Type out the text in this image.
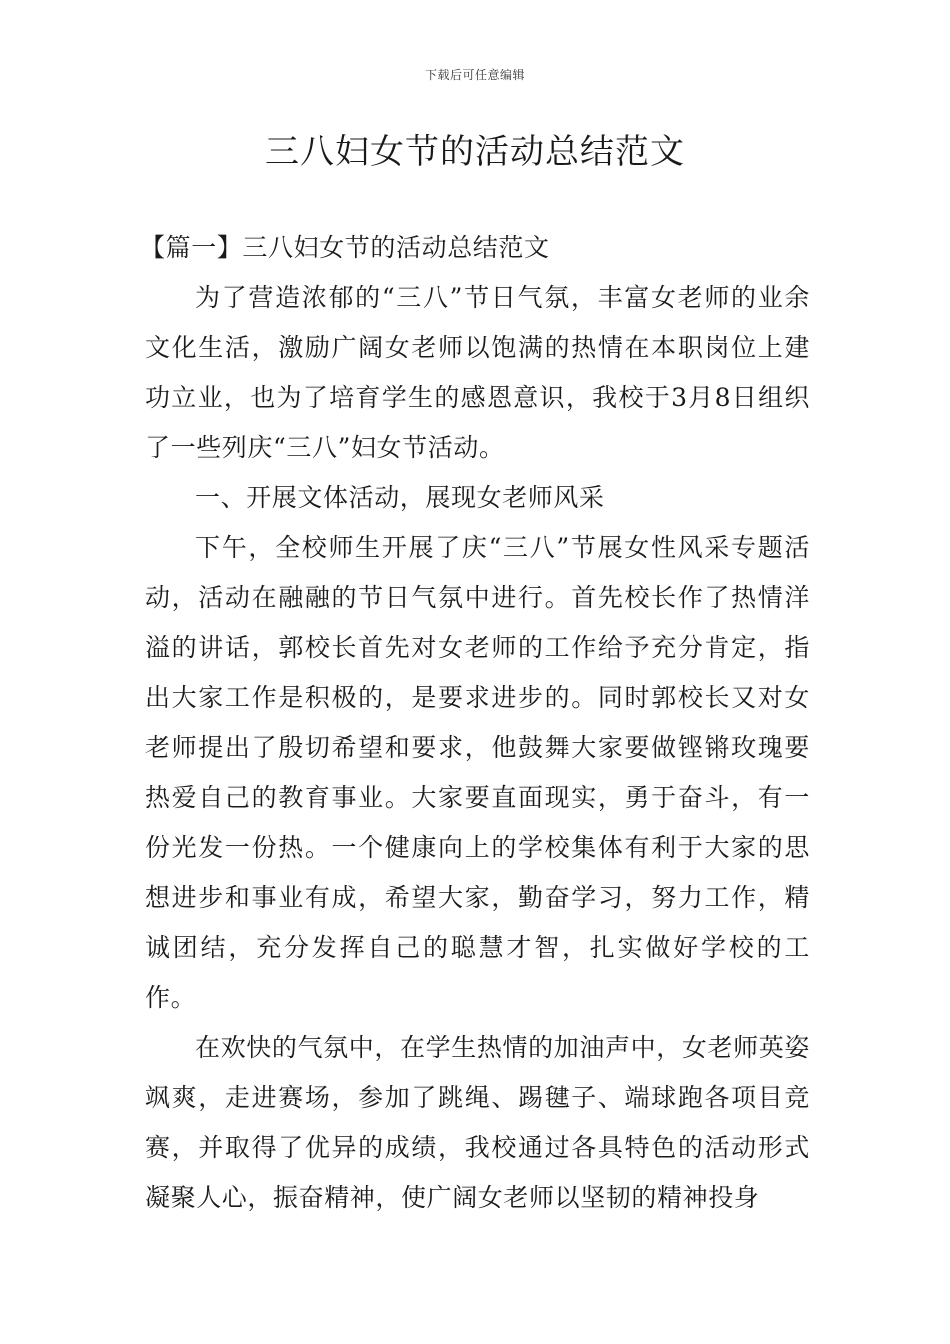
下载后可任意编辑
三八妇女节的活动总结范文

【篇一】三八妇女节的活动总结范文

为了营造浓郁的“三八”节日气氛，丰富女老师的业余文化生活，激励广阔女老师以饱满的热情在本职岗位上建功立业，也为了培育学生的感恩意识，我校于3月8日组织了一些列庆“三八”妇女节活动。

一、开展文体活动，展现女老师风采

下午，全校师生开展了庆“三八”节展女性风采专题活动，活动在融融的节日气氛中进行。首先校长作了热情洋溢的讲话，郭校长首先对女老师的工作给予充分肯定，指出大家工作是积极的，是要求进步的。同时郭校长又对女老师提出了殷切希望和要求，他鼓舞大家要做铿锵玫瑰要热爱自己的教育事业。大家要直面现实，勇于奋斗，有一份光发一份热。一个健康向上的学校集体有利于大家的思想进步和事业有成，希望大家，勤奋学习，努力工作，精诚团结，充分发挥自己的聪慧才智，扎实做好学校的工作。

在欢快的气氛中，在学生热情的加油声中，女老师英姿飒爽，走进赛场，参加了跳绳、踢毽子、端球跑各项目竞赛，并取得了优异的成绩，我校通过各具特色的活动形式凝聚人心，振奋精神，使广阔女老师以坚韧的精神投身
